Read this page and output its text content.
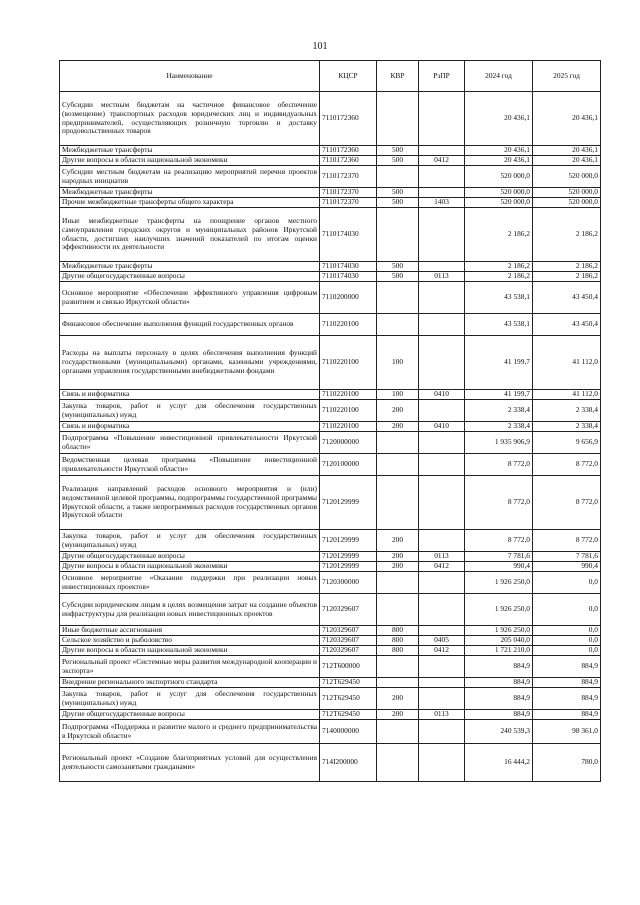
101
Наименование	КЦСР	КВР	РзПР	2024 год	2025 год
Субсидии местным бюджетам на частичное финансовое обеспечение (возмещение) транспортных расходов юридических лиц и индивидуальных предпринимателей, осуществляющих розничную торговлю и доставку продовольственных товаров	7110172360			20 436,1	20 436,1
Межбюджетные трансферты	7110172360	500		20 436,1	20 436,1
Другие вопросы в области национальной экономики	7110172360	500	0412	20 436,1	20 436,1
Субсидии местным бюджетам на реализацию мероприятий перечня проектов народных инициатив	7110172370			520 000,0	520 000,0
Межбюджетные трансферты	7110172370	500		520 000,0	520 000,0
Прочие межбюджетные трансферты общего характера	7110172370	500	1403	520 000,0	520 000,0
Иные межбюджетные трансферты на поощрение органов местного самоуправления городских округов и муниципальных районов Иркутской области, достигших наилучших значений показателей по итогам оценки эффективности их деятельности	7110174030			2 186,2	2 186,2
Межбюджетные трансферты	7110174030	500		2 186,2	2 186,2
Другие общегосударственные вопросы	7110174030	500	0113	2 186,2	2 186,2
Основное мероприятие «Обеспечение эффективного управления цифровым развитием и связью Иркутской области»	7110200000			43 538,1	43 450,4
Финансовое обеспечение выполнения функций государственных органов	7110220100			43 538,1	43 450,4
Расходы на выплаты персоналу в целях обеспечения выполнения функций государственными (муниципальными) органами, казенными учреждениями, органами управления государственными внебюджетными фондами	7110220100	100		41 199,7	41 112,0
Связь и информатика	7110220100	100	0410	41 199,7	41 112,0
Закупка товаров, работ и услуг для обеспечения государственных (муниципальных) нужд	7110220100	200		2 338,4	2 338,4
Связь и информатика	7110220100	200	0410	2 338,4	2 338,4
Подпрограмма «Повышение инвестиционной привлекательности Иркутской области»	7120000000			1 935 906,9	9 656,9
Ведомственная целевая программа «Повышение инвестиционной привлекательности Иркутской области»	7120100000			8 772,0	8 772,0
Реализация направлений расходов основного мероприятия и (или) ведомственной целевой программы, подпрограммы государственной программы Иркутской области, а также непрограммных расходов государственных органов Иркутской области	7120129999			8 772,0	8 772,0
Закупка товаров, работ и услуг для обеспечения государственных (муниципальных) нужд	7120129999	200		8 772,0	8 772,0
Другие общегосударственные вопросы	7120129999	200	0113	7 781,6	7 781,6
Другие вопросы в области национальной экономики	7120129999	200	0412	990,4	990,4
Основное мероприятие «Оказание поддержки при реализации новых инвестиционных проектов»	7120300000			1 926 250,0	0,0
Субсидии юридическим лицам в целях возмещения затрат на создание объектов инфраструктуры для реализации новых инвестиционных проектов	7120329607			1 926 250,0	0,0
Иные бюджетные ассигнования	7120329607	800		1 926 250,0	0,0
Сельское хозяйство и рыболовство	7120329607	800	0405	205 040,0	0,0
Другие вопросы в области национальной экономики	7120329607	800	0412	1 721 210,0	0,0
Региональный проект «Системные меры развития международной кооперации и экспорта»	712T600000			884,9	884,9
Внедрение регионального экспортного стандарта	712T629450			884,9	884,9
Закупка товаров, работ и услуг для обеспечения государственных (муниципальных) нужд	712T629450	200		884,9	884,9
Другие общегосударственные вопросы	712T629450	200	0113	884,9	884,9
Подпрограмма «Поддержка и развитие малого и среднего предпринимательства в Иркутской области»	7140000000			240 539,3	98 361,0
Региональный проект «Создание благоприятных условий для осуществления деятельности самозанятыми гражданами»	714I200000			16 444,2	780,0
